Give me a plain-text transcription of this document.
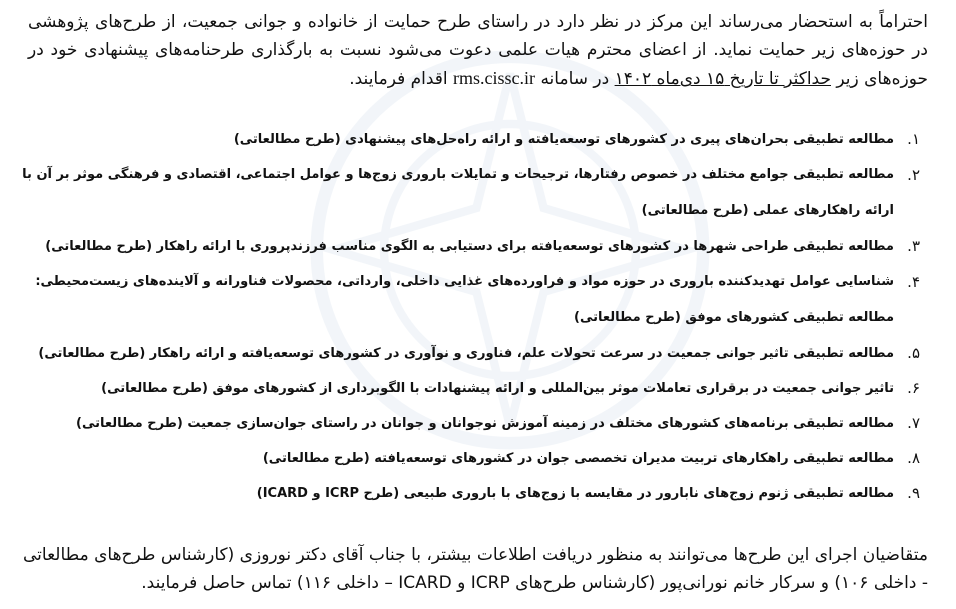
احتراماً به استحضار می‌رساند این مرکز در نظر دارد در راستای طرح حمایت از خانواده و جوانی جمعیت، از طرح‌های پژوهشی در حوزه‌های زیر حمایت نماید. از اعضای محترم هیات علمی دعوت می‌شود نسبت به بارگذاری طرحنامه‌های پیشنهادی خود در حوزه‌های زیر حداکثر تا تاریخ ۱۵ دی‌ماه ۱۴۰۲ در سامانه rms.cissc.ir اقدام فرمایند.

۱.
مطالعه تطبیقی بحران‌های پیری در کشورهای توسعه‌یافته و ارائه راه‌حل‌های پیشنهادی (طرح مطالعاتی)
۲.
مطالعه تطبیقی جوامع مختلف در خصوص رفتارها، ترجیحات و تمایلات باروری زوج‌ها و عوامل اجتماعی، اقتصادی و فرهنگی موثر بر آن با ارائه راهکارهای عملی (طرح مطالعاتی)
۳.
مطالعه تطبیقی طراحی شهرها در کشورهای توسعه‌یافته برای دستیابی به الگوی مناسب فرزندپروری با ارائه راهکار (طرح مطالعاتی)
۴.
شناسایی عوامل تهدیدکننده باروری در حوزه مواد و فراورده‌های غذایی داخلی، وارداتی، محصولات فناورانه و آلاینده‌های زیست‌محیطی: مطالعه تطبیقی کشورهای موفق (طرح مطالعاتی)
۵.
مطالعه تطبیقی تاثیر جوانی جمعیت در سرعت تحولات علم، فناوری و نوآوری در کشورهای توسعه‌یافته و ارائه راهکار (طرح مطالعاتی)
۶.
تاثیر جوانی جمعیت در برقراری تعاملات موثر بین‌المللی و ارائه پیشنهادات با الگوبرداری از کشورهای موفق (طرح مطالعاتی)
۷.
مطالعه تطبیقی برنامه‌های کشورهای مختلف در زمینه آموزش نوجوانان و جوانان در راستای جوان‌سازی جمعیت (طرح مطالعاتی)
۸.
مطالعه تطبیقی راهکارهای تربیت مدیران تخصصی جوان در کشورهای توسعه‌یافته (طرح مطالعاتی)
۹.
مطالعه تطبیقی ژنوم زوج‌های نابارور در مقایسه با زوج‌های با باروری طبیعی (طرح ICRP و ICARD)

متقاضیان اجرای این طرح‌ها می‌توانند به منظور دریافت اطلاعات بیشتر، با جناب آقای دکتر نوروزی (کارشناس طرح‌های مطالعاتی - داخلی ۱۰۶) و سرکار خانم نورانی‌پور (کارشناس طرح‌های ICRP و ICARD – داخلی ۱۱۶) تماس حاصل فرمایند.
